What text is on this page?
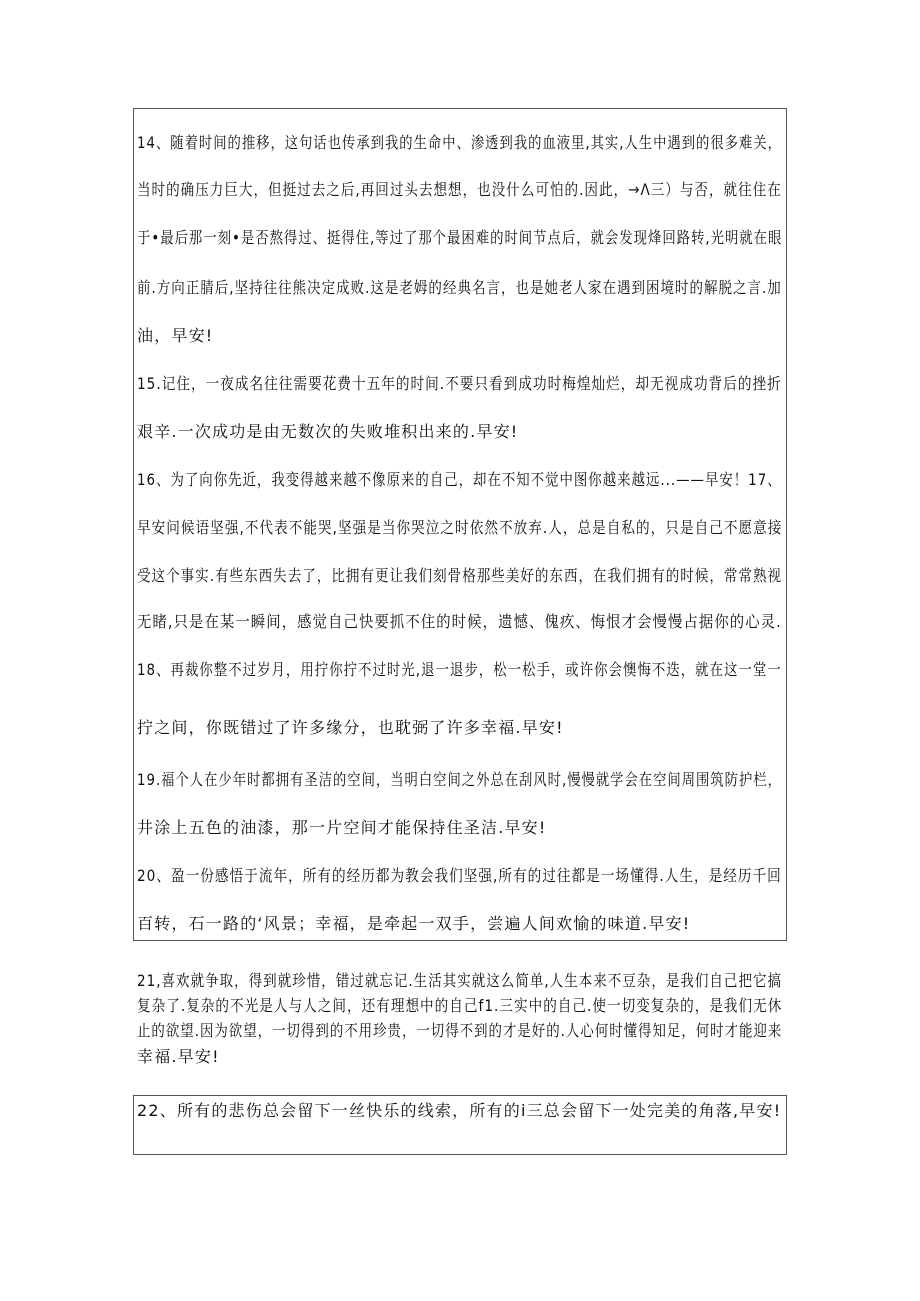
14、随着时间的推移，这句话也传承到我的生命中、渗透到我的血液里,其实,人生中遇到的很多难关，
当时的确压力巨大，但挺过去之后,再回过头去想想，也没什么可怕的.因此，→Λ三）与否，就往住在
于•最后那一刻•是否熬得过、挺得住,等过了那个最困难的时间节点后，就会发现烽回路转,光明就在眼
前.方向正腈后,坚持往往熊决定成败.这是老姆的经典名言，也是她老人家在遇到困境时的解脱之言.加
油，早安!
15.记住，一夜成名往往需要花费十五年的时间.不要只看到成功时梅煌灿烂，却无视成功背后的挫折
艰辛.一次成功是由无数次的失败堆积出来的.早安!
16、为了向你先近，我变得越来越不像原来的自己，却在不知不觉中图你越来越远...——早安！17、
早安问候语坚强,不代表不能哭,坚强是当你哭泣之时依然不放弃.人，总是自私的，只是自己不愿意接
受这个事实.有些东西失去了，比拥有更让我们刻骨格那些美好的东西，在我们拥有的时候，常常熟视
无睹,只是在某一瞬间，感觉自己快要抓不住的时候，遗憾、傀疚、悔恨才会慢慢占据你的心灵.
18、再裁你整不过岁月，用拧你拧不过时光,退一退步，松一松手，或许你会懊悔不迭，就在这一堂一
拧之间，你既错过了许多缘分，也耽弼了许多幸福.早安!
19.福个人在少年时都拥有圣洁的空间，当明白空间之外总在刮风时,慢慢就学会在空间周围筑防护栏，
井涂上五色的油漆，那一片空间才能保持住圣洁.早安!
20、盈一份感悟于流年，所有的经历都为教会我们坚强,所有的过往都是一场懂得.人生，是经历千回
百转，石一路的‘风景；幸福，是牵起一双手，尝遍人间欢愉的味道.早安!
21,喜欢就争取，得到就珍惜，错过就忘记.生活其实就这么简单,人生本来不豆杂，是我们自己把它搞
复杂了.复杂的不光是人与人之间，还有理想中的自己f1.三实中的自己.使一切变复杂的，是我们无休
止的欲望.因为欲望，一切得到的不用珍贵，一切得不到的才是好的.人心何时懂得知足，何时才能迎来
幸福.早安!
22、所有的悲伤总会留下一丝快乐的线索，所有的i三总会留下一处完美的角落,早安!
